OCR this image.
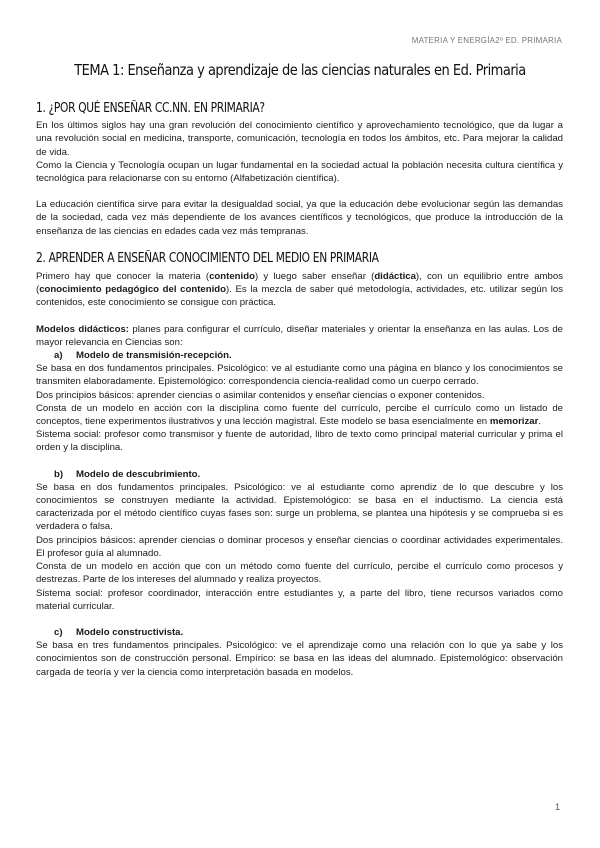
MATERIA Y ENERGÍA2º ED. PRIMARIA
TEMA 1: Enseñanza y aprendizaje de las ciencias naturales en Ed. Primaria
1. ¿POR QUÉ ENSEÑAR CC.NN. EN PRIMARIA?

En los últimos siglos hay una gran revolución del conocimiento científico y aprovechamiento tecnológico, que da lugar a una revolución social en medicina, transporte, comunicación, tecnología en todos los ámbitos, etc. Para mejorar la calidad de vida.

Como la Ciencia y Tecnología ocupan un lugar fundamental en la sociedad actual la población necesita cultura científica y tecnológica para relacionarse con su entorno (Alfabetización científica).

La educación científica sirve para evitar la desigualdad social, ya que la educación debe evolucionar según las demandas de la sociedad, cada vez más dependiente de los avances científicos y tecnológicos, que produce la introducción de la enseñanza de las ciencias en edades cada vez más tempranas.

2. APRENDER A ENSEÑAR CONOCIMIENTO DEL MEDIO EN PRIMARIA

Primero hay que conocer la materia (contenido) y luego saber enseñar (didáctica), con un equilibrio entre ambos (conocimiento pedagógico del contenido). Es la mezcla de saber qué metodología, actividades, etc. utilizar según los contenidos, este conocimiento se consigue con práctica.

Modelos didácticos: planes para configurar el currículo, diseñar materiales y orientar la enseñanza en las aulas. Los de mayor relevancia en Ciencias son:

a) Modelo de transmisión-recepción.

Se basa en dos fundamentos principales. Psicológico: ve al estudiante como una página en blanco y los conocimientos se transmiten elaboradamente. Epistemológico: correspondencia ciencia-realidad como un cuerpo cerrado.

Dos principios básicos: aprender ciencias o asimilar contenidos y enseñar ciencias o exponer contenidos.

Consta de un modelo en acción con la disciplina como fuente del currículo, percibe el currículo como un listado de conceptos, tiene experimentos ilustrativos y una lección magistral. Este modelo se basa esencialmente en memorizar.

Sistema social: profesor como transmisor y fuente de autoridad, libro de texto como principal material curricular y prima el orden y la disciplina.

b) Modelo de descubrimiento.

Se basa en dos fundamentos principales. Psicológico: ve al estudiante como aprendiz de lo que descubre y los conocimientos se construyen mediante la actividad. Epistemológico: se basa en el inductismo. La ciencia está caracterizada por el método científico cuyas fases son: surge un problema, se plantea una hipótesis y se comprueba si es verdadera o falsa.

Dos principios básicos: aprender ciencias o dominar procesos y enseñar ciencias o coordinar actividades experimentales. El profesor guía al alumnado.

Consta de un modelo en acción que con un método como fuente del currículo, percibe el currículo como procesos y destrezas. Parte de los intereses del alumnado y realiza proyectos.

Sistema social: profesor coordinador, interacción entre estudiantes y, a parte del libro, tiene recursos variados como material curricular.

c) Modelo constructivista.

Se basa en tres fundamentos principales. Psicológico: ve el aprendizaje como una relación con lo que ya sabe y los conocimientos son de construcción personal. Empírico: se basa en las ideas del alumnado. Epistemológico: observación cargada de teoría y ver la ciencia como interpretación basada en modelos.

1
